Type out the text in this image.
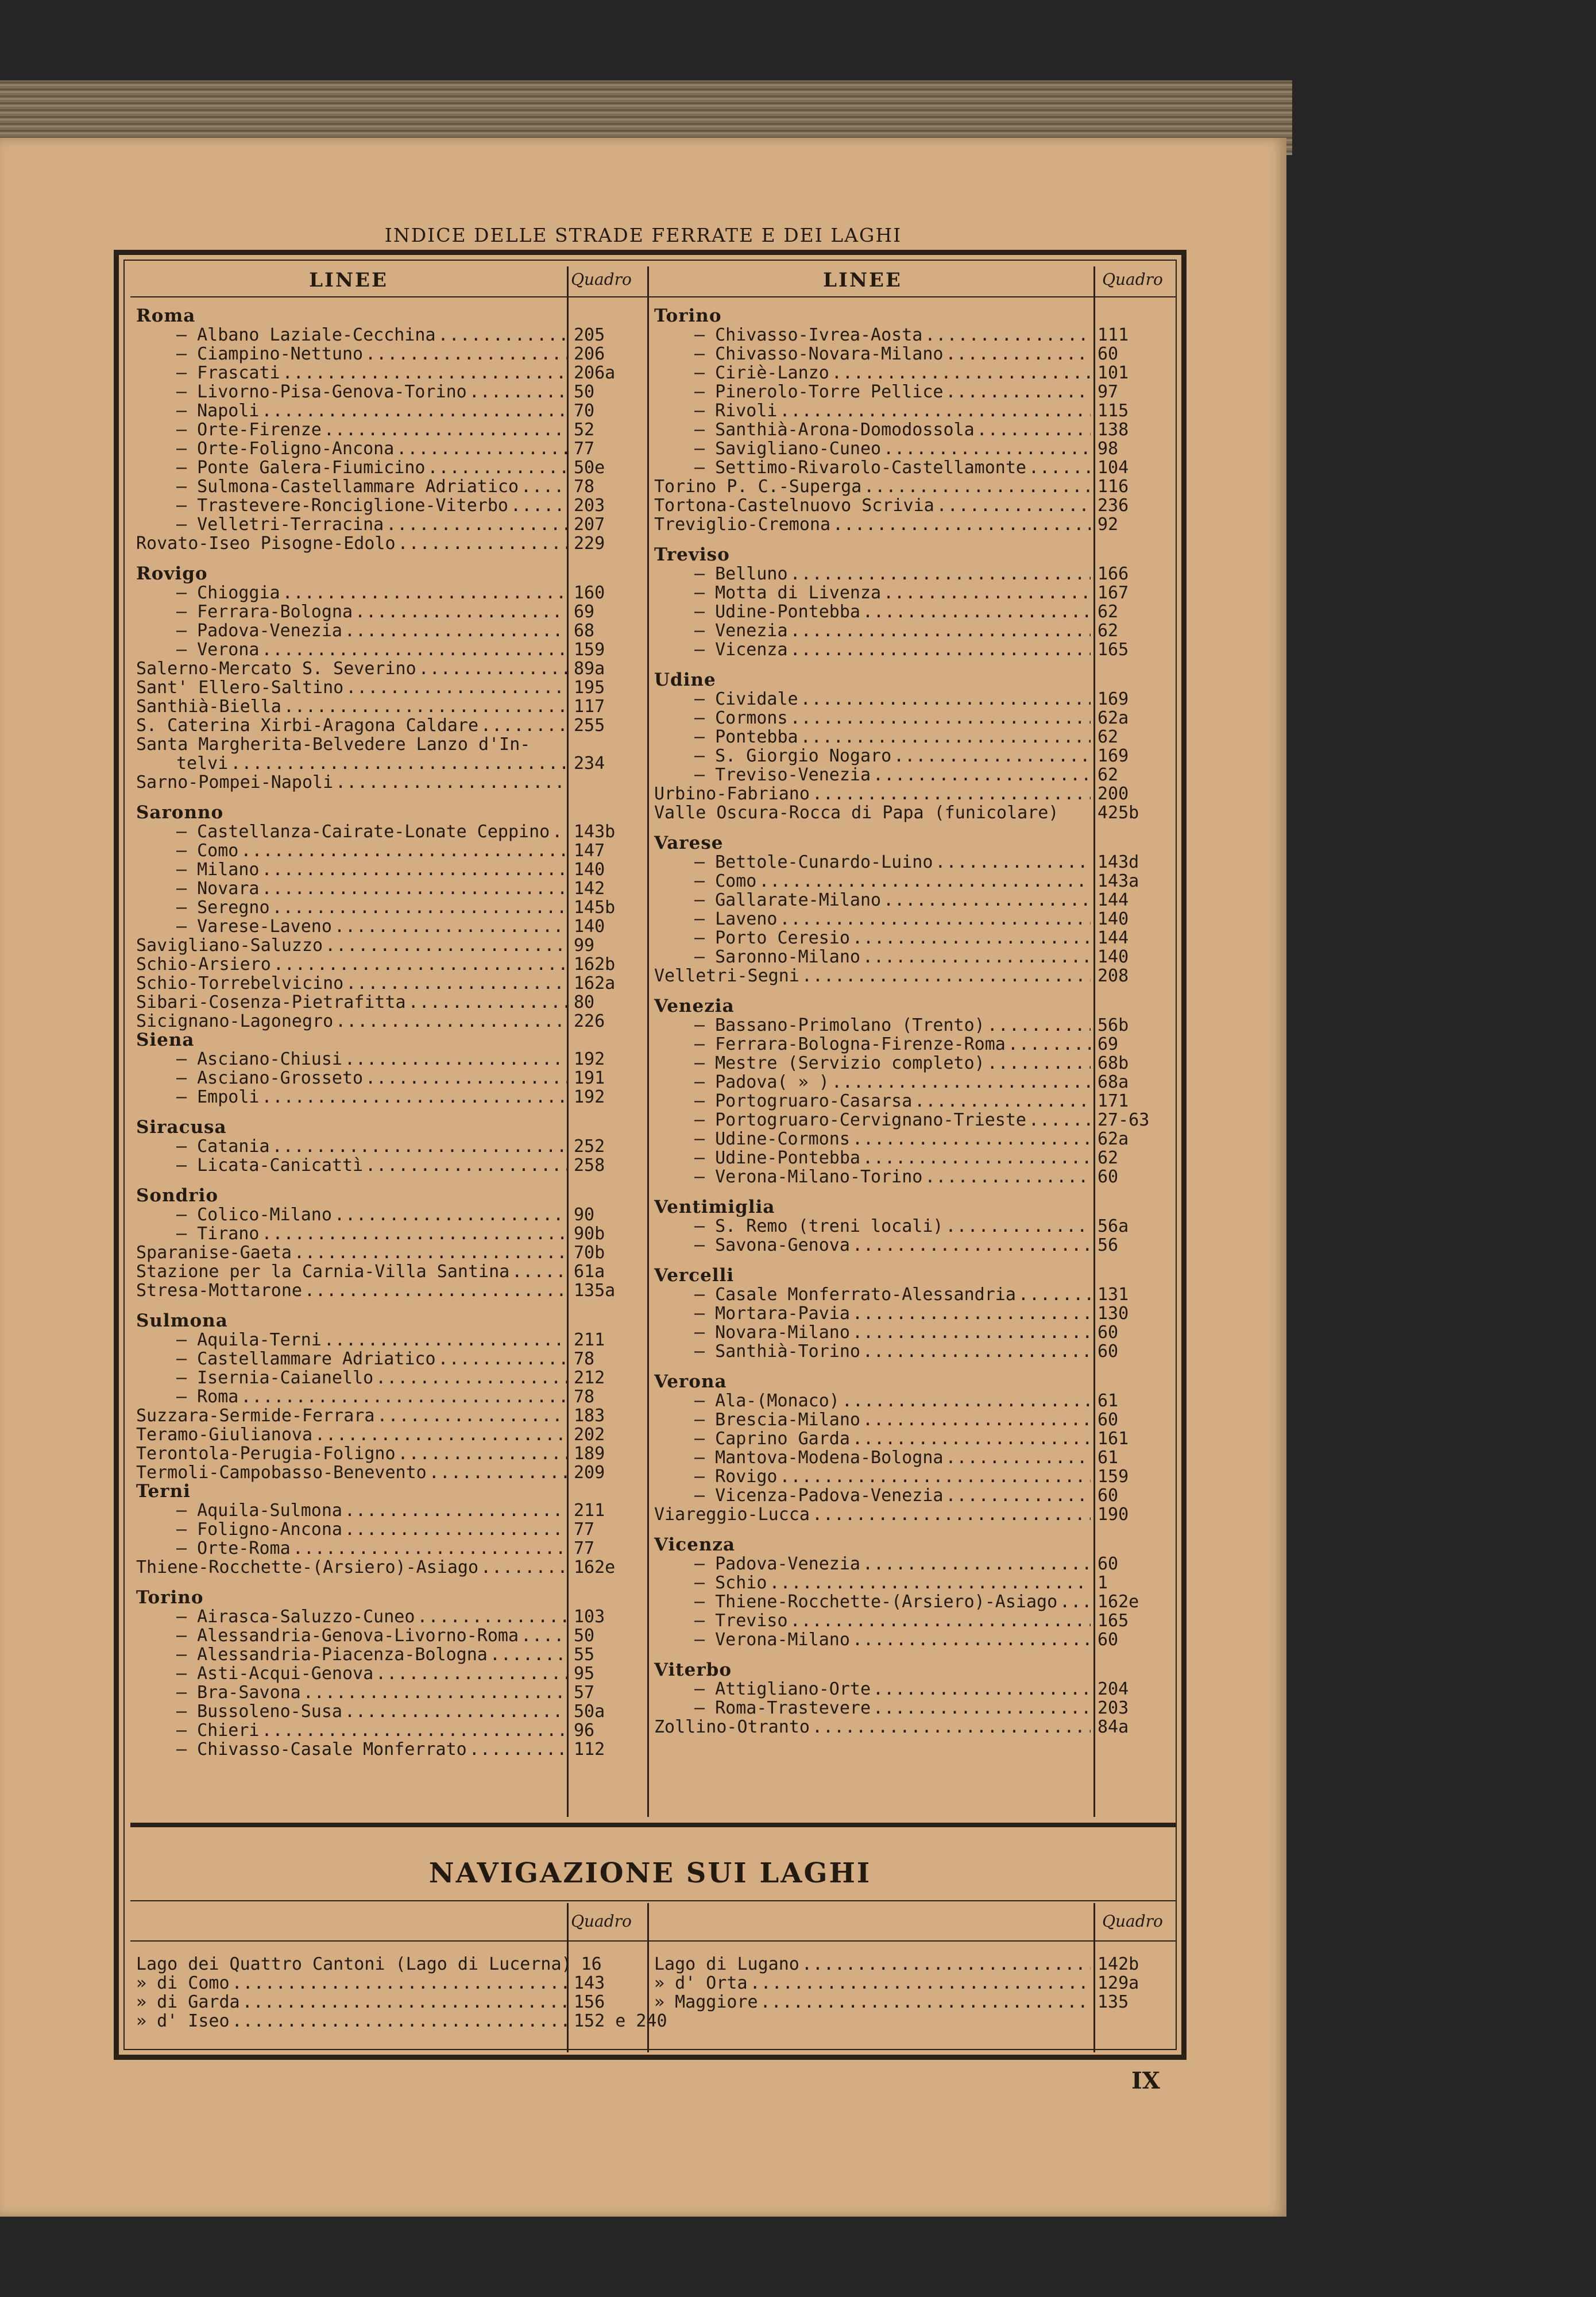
INDICE DELLE STRADE FERRATE E DEI LAGHI
LINEE	Quadro	LINEE	Quadro
Roma
— Albano Laziale-Cecchina .....	205
— Ciampino-Nettuno .....	206
— Frascati .....	206a
— Livorno-Pisa-Genova-Torino .....	50
— Napoli .....	70
— Orte-Firenze .....	52
— Orte-Foligno-Ancona .....	77
— Ponte Galera-Fiumicino .....	50e
— Sulmona-Castellammare Adriatico .....	78
— Trastevere-Ronciglione-Viterbo .....	203
— Velletri-Terracina .....	207
Rovato-Iseo Pisogne-Edolo .....	229
Rovigo
— Chioggia .....	160
— Ferrara-Bologna .....	69
— Padova-Venezia .....	68
— Verona .....	159
Salerno-Mercato S. Severino .....	89a
Sant' Ellero-Saltino .....	195
Santhià-Biella .....	117
S. Caterina Xirbi-Aragona Caldare .....	255
Santa Margherita-Belvedere Lanzo d'In-
telvi .....	234
Sarno-Pompei-Napoli
.....
Saronno
— Castellanza-Cairate-Lonate Ceppino .....	143b
— Como .....	147
— Milano .....	140
— Novara .....	142
— Seregno .....	145b
— Varese-Laveno .....	140
Savigliano-Saluzzo .....	99
Schio-Arsiero .....	162b
Schio-Torrebelvicino .....	162a
Sibari-Cosenza-Pietrafitta .....	80
Sicignano-Lagonegro .....	226
Siena
— Asciano-Chiusi .....	192
— Asciano-Grosseto .....	191
— Empoli .....	192
Siracusa
— Catania .....	252
— Licata-Canicattì .....	258
Sondrio
— Colico-Milano .....	90
— Tirano .....	90b
Sparanise-Gaeta .....	70b
Stazione per la Carnia-Villa Santina .....	61a
Stresa-Mottarone .....	135a
Sulmona
— Aquila-Terni .....	211
— Castellammare Adriatico .....	78
— Isernia-Caianello .....	212
— Roma .....	78
Suzzara-Sermide-Ferrara .....	183
Teramo-Giulianova .....	202
Terontola-Perugia-Foligno .....	189
Termoli-Campobasso-Benevento .....	209
Terni
— Aquila-Sulmona .....	211
— Foligno-Ancona .....	77
— Orte-Roma .....	77
Thiene-Rocchette-(Arsiero)-Asiago .....	162e
Torino
— Airasca-Saluzzo-Cuneo .....	103
— Alessandria-Genova-Livorno-Roma .....	50
— Alessandria-Piacenza-Bologna .....	55
— Asti-Acqui-Genova .....	95
— Bra-Savona .....	57
— Bussoleno-Susa .....	50a
— Chieri .....	96
— Chivasso-Casale Monferrato .....	112
Torino
— Chivasso-Ivrea-Aosta .....	111
— Chivasso-Novara-Milano .....	60
— Ciriè-Lanzo .....	101
— Pinerolo-Torre Pellice .....	97
— Rivoli .....	115
— Santhià-Arona-Domodossola .....	138
— Savigliano-Cuneo .....	98
— Settimo-Rivarolo-Castellamonte .....	104
Torino P. C.-Superga .....	116
Tortona-Castelnuovo Scrivia .....	236
Treviglio-Cremona .....	92
Treviso
— Belluno .....	166
— Motta di Livenza .....	167
— Udine-Pontebba .....	62
— Venezia .....	62
— Vicenza .....	165
Udine
— Cividale .....	169
— Cormons .....	62a
— Pontebba .....	62
— S. Giorgio Nogaro .....	169
— Treviso-Venezia .....	62
Urbino-Fabriano .....	200
Valle Oscura-Rocca di Papa (funicolare)	425b
Varese
— Bettole-Cunardo-Luino .....	143d
— Como .....	143a
— Gallarate-Milano .....	144
— Laveno .....	140
— Porto Ceresio .....	144
— Saronno-Milano .....	140
Velletri-Segni .....	208
Venezia
— Bassano-Primolano (Trento) .....	56b
— Ferrara-Bologna-Firenze-Roma .....	69
— Mestre (Servizio completo) .....	68b
— Padova( » ) .....	68a
— Portogruaro-Casarsa .....	171
— Portogruaro-Cervignano-Trieste .....	27-63
— Udine-Cormons .....	62a
— Udine-Pontebba .....	62
— Verona-Milano-Torino .....	60
Ventimiglia
— S. Remo (treni locali) .....	56a
— Savona-Genova .....	56
Vercelli
— Casale Monferrato-Alessandria .....	131
— Mortara-Pavia .....	130
— Novara-Milano .....	60
— Santhià-Torino .....	60
Verona
— Ala-(Monaco) .....	61
— Brescia-Milano .....	60
— Caprino Garda .....	161
— Mantova-Modena-Bologna .....	61
— Rovigo .....	159
— Vicenza-Padova-Venezia .....	60
Viareggio-Lucca .....	190
Vicenza
— Padova-Venezia .....	60
— Schio .....	1
— Thiene-Rocchette-(Arsiero)-Asiago .....	162e
— Treviso .....	165
— Verona-Milano .....	60
Viterbo
— Attigliano-Orte .....	204
— Roma-Trastevere .....	203
Zollino-Otranto .....	84a
NAVIGAZIONE SUI LAGHI
Quadro	Quadro
Lago dei Quattro Cantoni (Lago di Lucerna) 16
» di Como .....	143
» di Garda .....	156
» d' Iseo .....	152 e 240
Lago di Lugano .....	142b
» d' Orta .....	129a
» Maggiore .....	135
IX
